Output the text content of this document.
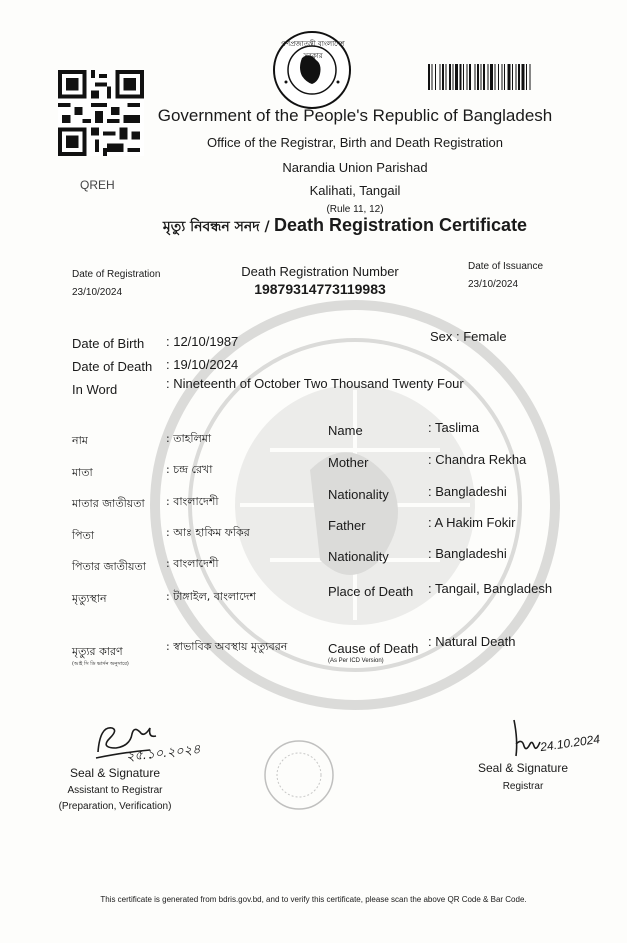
QREH
গণপ্রজাতন্ত্রী বাংলাদেশ সরকার
Government of the People's Republic of Bangladesh
Office of the Registrar, Birth and Death Registration
Narandia Union Parishad
Kalihati, Tangail
(Rule 11, 12)
মৃত্যু নিবন্ধন সনদ / Death Registration Certificate
Date of Registration
23/10/2024
Death Registration Number
19879314773119983
Date of Issuance
23/10/2024
Date of Birth : 12/10/1987	Sex : Female
Date of Death : 19/10/2024
In Word	: Nineteenth of October Two Thousand Twenty Four
নাম	: তাহলিমা
মাতা	: চন্দ্র রেখা
মাতার জাতীয়তা : বাংলাদেশী
পিতা	: আঃ হাকিম ফকির
পিতার জাতীয়তা : বাংলাদেশী
মৃত্যুস্থান	: টাঙ্গাইল, বাংলাদেশ
মৃত্যুর কারণ
(আই সি ডি ভার্সন অনুসারে)
: স্বাভাবিক অবস্থায় মৃত্যুবরন
Name	: Taslima
Mother	: Chandra Rekha
Nationality	: Bangladeshi
Father	: A Hakim Fokir
Nationality	: Bangladeshi
Place of Death : Tangail, Bangladesh
Cause of Death
(As Per ICD Version)
: Natural Death
২৫.১০.২০২৪
Seal & Signature
Assistant to Registrar
(Preparation, Verification)
24.10.2024
Seal & Signature
Registrar
This certificate is generated from bdris.gov.bd, and to verify this certificate, please scan the above QR Code & Bar Code.
